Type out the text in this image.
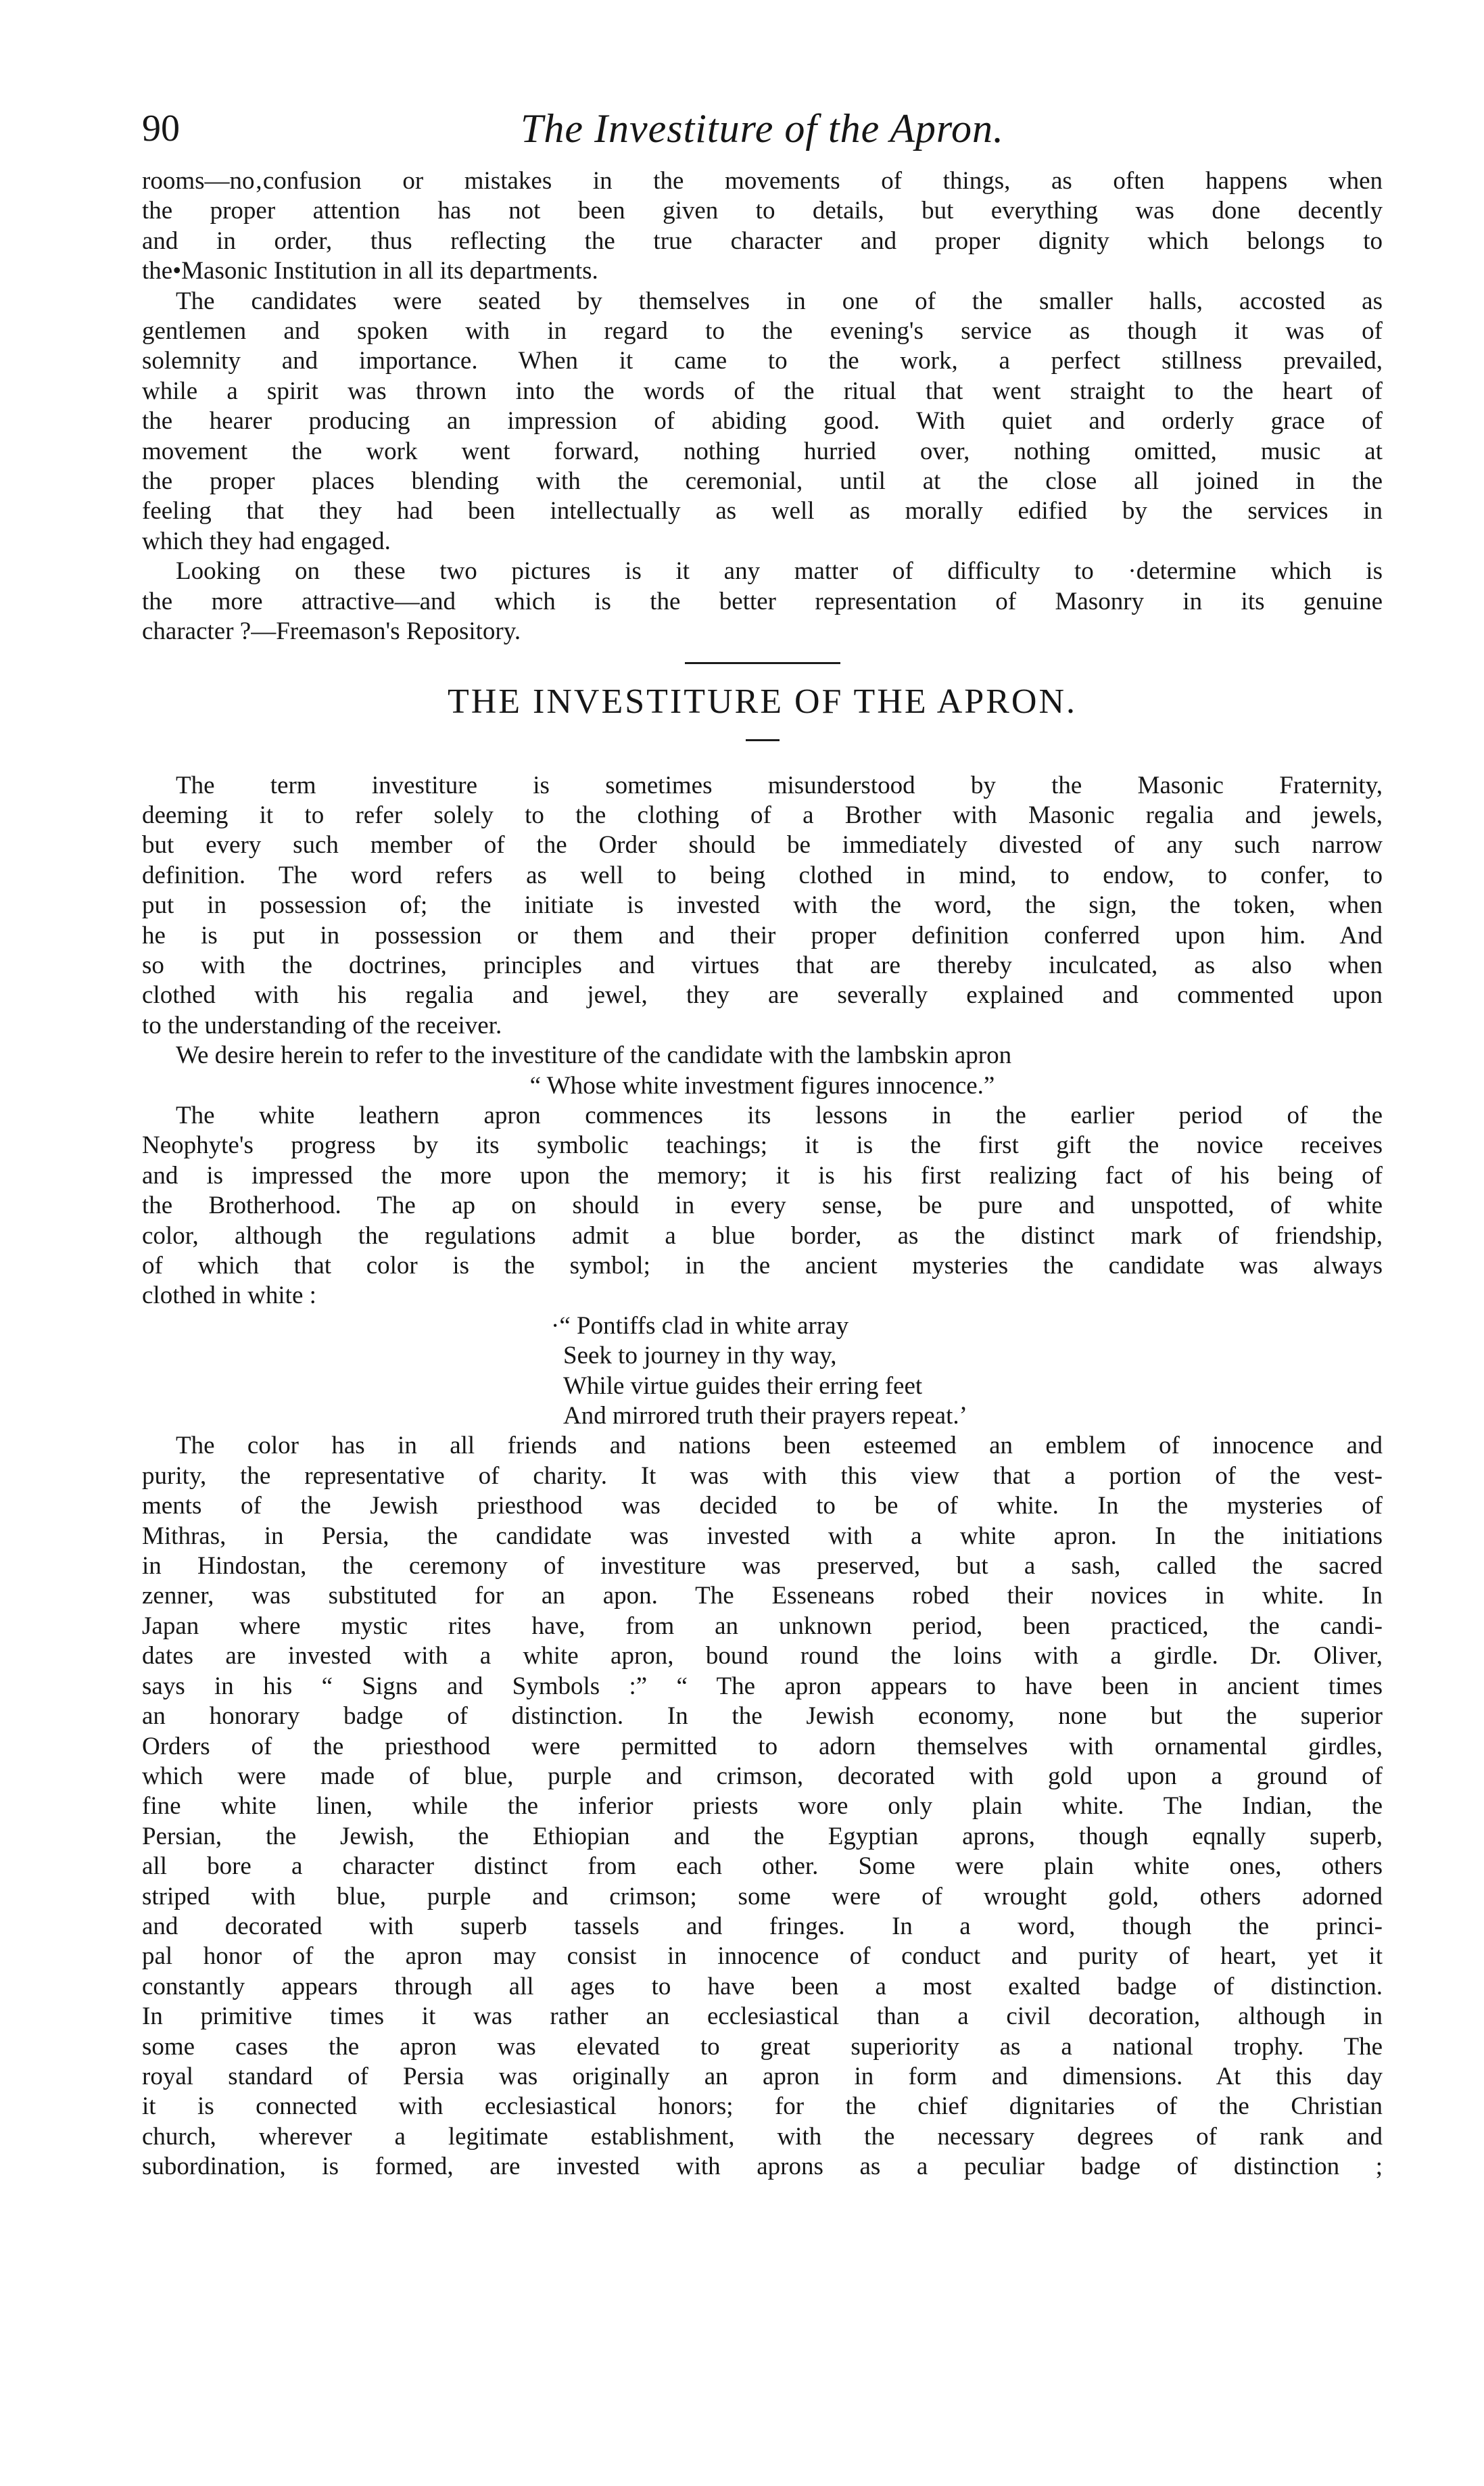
90	The Investiture of the Apron.
rooms—no‚confusion or mistakes in the movements of things, as often happens when
the proper attention has not been given to details, but everything was done decently
and in order, thus reflecting the true character and proper dignity which belongs to
the•Masonic Institution in all its departments.
The candidates were seated by themselves in one of the smaller halls, accosted as
gentlemen and spoken with in regard to the evening's service as though it was of
solemnity and importance. When it came to the work, a perfect stillness prevailed,
while a spirit was thrown into the words of the ritual that went straight to the heart of
the hearer producing an impression of abiding good. With quiet and orderly grace of
movement the work went forward, nothing hurried over, nothing omitted, music at
the proper places blending with the ceremonial, until at the close all joined in the
feeling that they had been intellectually as well as morally edified by the services in
which they had engaged.
Looking on these two pictures is it any matter of difficulty to ·determine which is
the more attractive—and which is the better representation of Masonry in its genuine
character ?—Freemason's Repository.
THE INVESTITURE OF THE APRON.
The term investiture is sometimes misunderstood by the Masonic Fraternity,
deeming it to refer solely to the clothing of a Brother with Masonic regalia and jewels,
but every such member of the Order should be immediately divested of any such narrow
definition. The word refers as well to being clothed in mind, to endow, to confer, to
put in possession of; the initiate is invested with the word, the sign, the token, when
he is put in possession or them and their proper definition conferred upon him. And
so with the doctrines, principles and virtues that are thereby inculcated, as also when
clothed with his regalia and jewel, they are severally explained and commented upon
to the understanding of the receiver.
We desire herein to refer to the investiture of the candidate with the lambskin apron
“ Whose white investment figures innocence.”
The white leathern apron commences its lessons in the earlier period of the
Neophyte's progress by its symbolic teachings; it is the first gift the novice receives
and is impressed the more upon the memory; it is his first realizing fact of his being of
the Brotherhood. The ap on should in every sense, be pure and unspotted, of white
color, although the regulations admit a blue border, as the distinct mark of friendship,
of which that color is the symbol; in the ancient mysteries the candidate was always
clothed in white :
·“ Pontiffs clad in white array
Seek to journey in thy way,
While virtue guides their erring feet
And mirrored truth their prayers repeat.’
The color has in all friends and nations been esteemed an emblem of innocence and
purity, the representative of charity. It was with this view that a portion of the vest-
ments of the Jewish priesthood was decided to be of white. In the mysteries of
Mithras, in Persia, the candidate was invested with a white apron. In the initiations
in Hindostan, the ceremony of investiture was preserved, but a sash, called the sacred
zenner, was substituted for an apon. The Esseneans robed their novices in white. In
Japan where mystic rites have, from an unknown period, been practiced, the candi-
dates are invested with a white apron, bound round the loins with a girdle. Dr. Oliver,
says in his “ Signs and Symbols :” “ The apron appears to have been in ancient times
an honorary badge of distinction. In the Jewish economy, none but the superior
Orders of the priesthood were permitted to adorn themselves with ornamental girdles,
which were made of blue, purple and crimson, decorated with gold upon a ground of
fine white linen, while the inferior priests wore only plain white. The Indian, the
Persian, the Jewish, the Ethiopian and the Egyptian aprons, though eqnally superb,
all bore a character distinct from each other. Some were plain white ones, others
striped with blue, purple and crimson; some were of wrought gold, others adorned
and decorated with superb tassels and fringes. In a word, though the princi-
pal honor of the apron may consist in innocence of conduct and purity of heart, yet it
constantly appears through all ages to have been a most exalted badge of distinction.
In primitive times it was rather an ecclesiastical than a civil decoration, although in
some cases the apron was elevated to great superiority as a national trophy. The
royal standard of Persia was originally an apron in form and dimensions. At this day
it is connected with ecclesiastical honors; for the chief dignitaries of the Christian
church, wherever a legitimate establishment, with the necessary degrees of rank and
subordination, is formed, are invested with aprons as a peculiar badge of distinction ;
